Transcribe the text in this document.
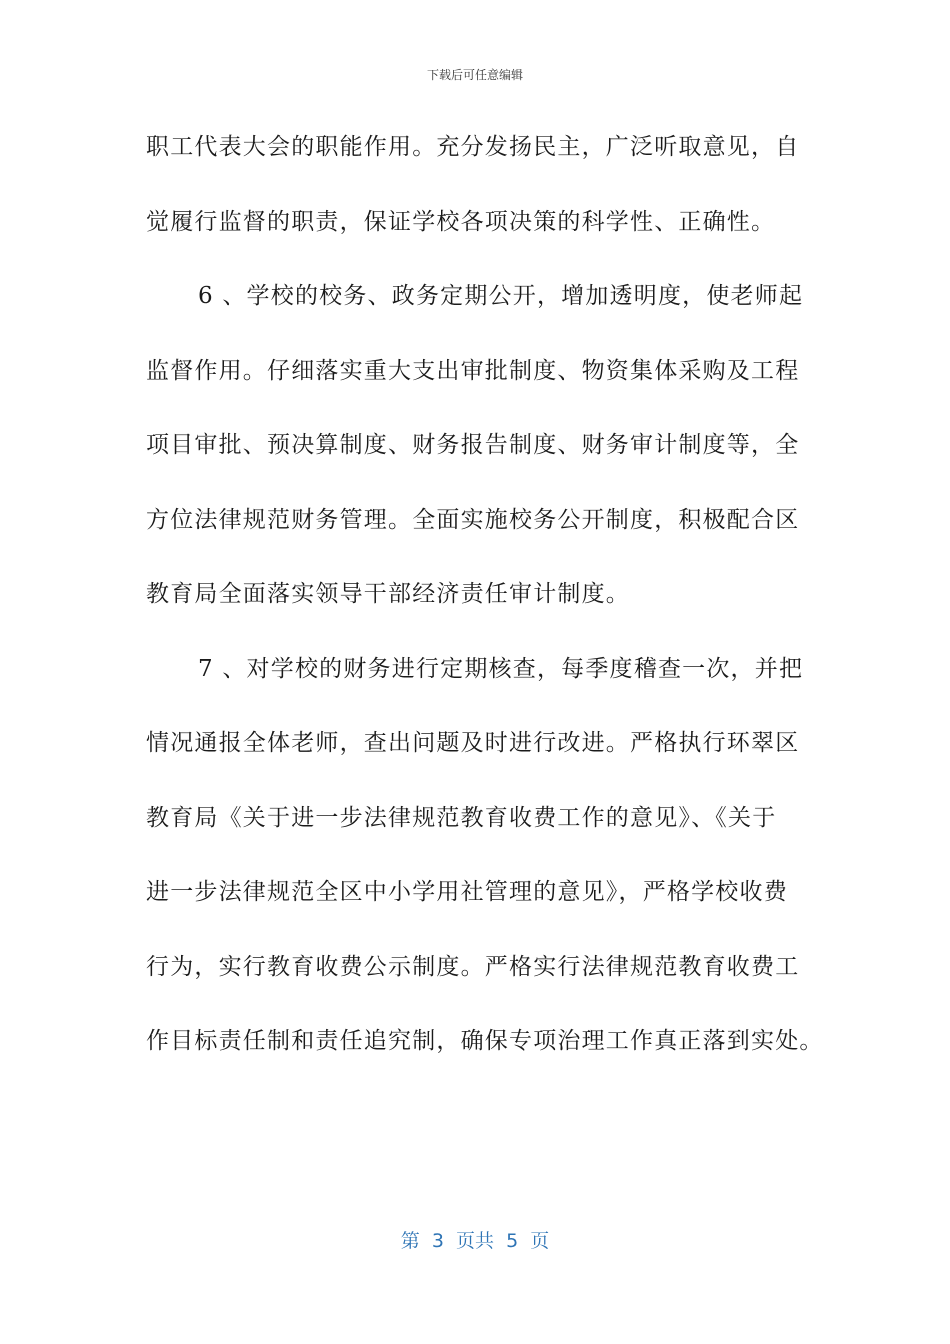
下载后可任意编辑
职工代表大会的职能作用。充分发扬民主，广泛听取意见，自
觉履行监督的职责，保证学校各项决策的科学性、正确性。
6 、学校的校务、政务定期公开，增加透明度，使老师起
监督作用。仔细落实重大支出审批制度、物资集体采购及工程
项目审批、预决算制度、财务报告制度、财务审计制度等，全
方位法律规范财务管理。全面实施校务公开制度，积极配合区
教育局全面落实领导干部经济责任审计制度。
7 、对学校的财务进行定期核查，每季度稽查一次，并把
情况通报全体老师，查出问题及时进行改进。严格执行环翠区
教育局《关于进一步法律规范教育收费工作的意见》、《关于
进一步法律规范全区中小学用社管理的意见》，严格学校收费
行为，实行教育收费公示制度。严格实行法律规范教育收费工
作目标责任制和责任追究制，确保专项治理工作真正落到实处。
第  3  页共  5  页
